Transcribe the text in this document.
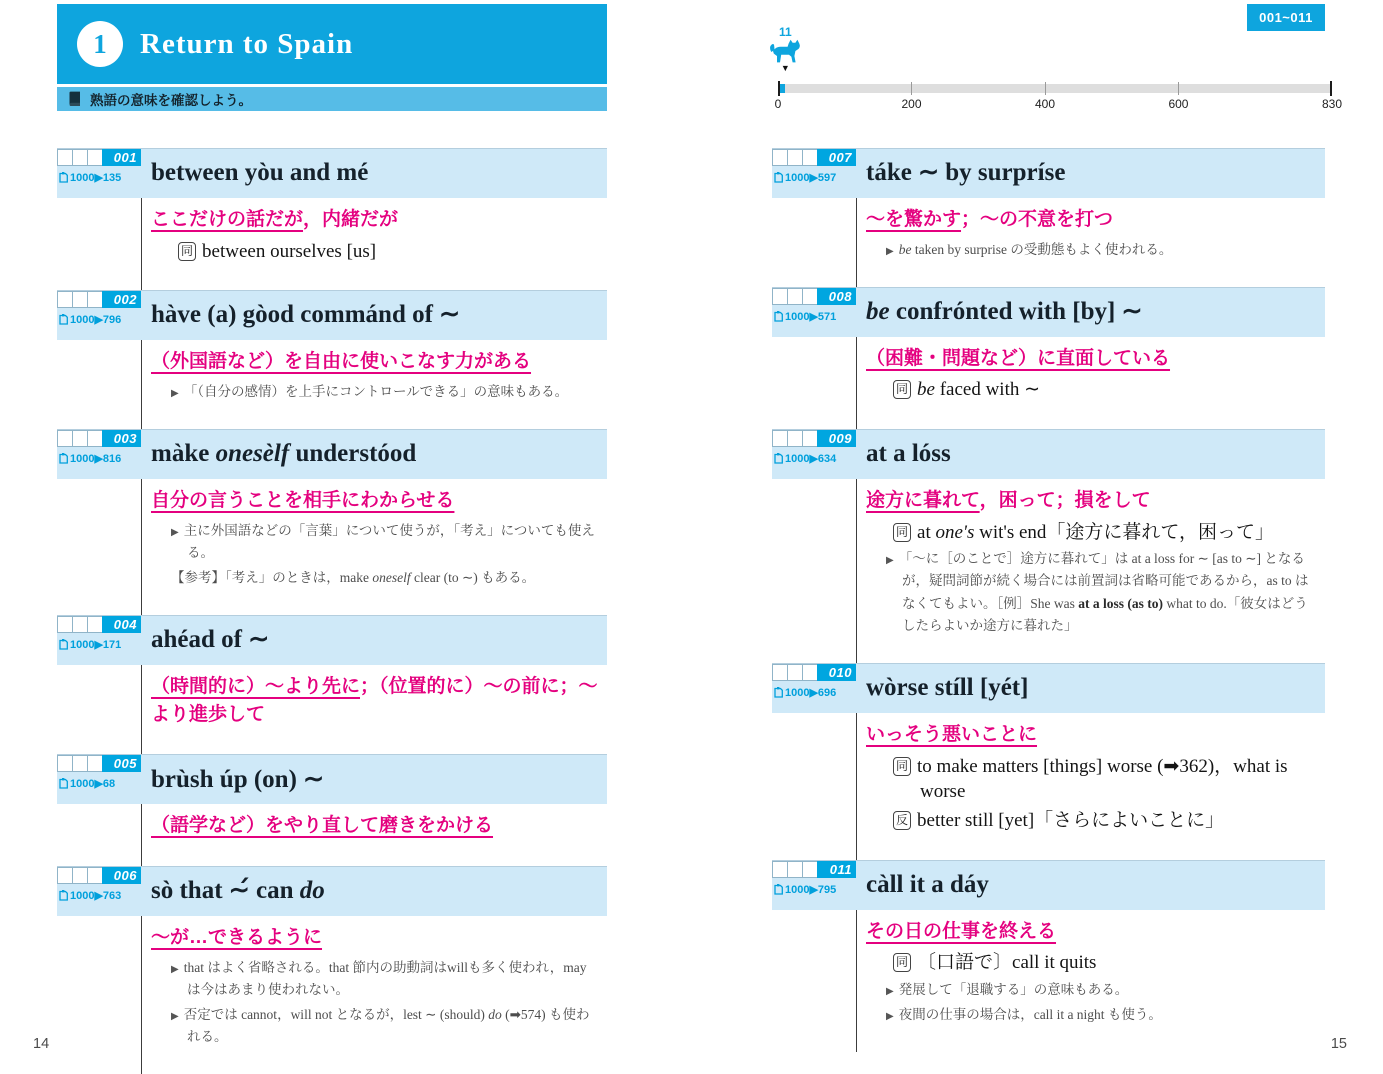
1	Return to Spain
熟語の意味を確認しよう。
001
1000▶135 between yòu and mé
ここだけの話だが，内緒だが
同 between ourselves [us]
002
1000▶796 hàve (a) gòod commánd of ∼
（外国語など）を自由に使いこなす力がある
▶ 「（自分の感情）を上手にコントロールできる」の意味もある。
003
1000▶816 màke onesèlf understóod
自分の言うことを相手にわからせる
▶ 主に外国語などの「言葉」について使うが，「考え」についても使える。
【参考】「考え」のときは，make oneself clear (to ∼) もある。
004
1000▶171 ahéad of ∼
（時間的に）～より先に；（位置的に）～の前に；～より進歩して
005
1000▶68 brùsh úp (on) ∼
（語学など）をやり直して磨きをかける
006
1000▶763 sò that ∼́ can do
～が…できるように
▶ that はよく省略される。that 節内の助動詞はwillも多く使われ，may は今はあまり使われない。
▶ 否定では cannot，will not となるが，lest ∼ (should) do (➡574) も使われる。
001~011
11
▼
0	200	400	600	830
007
1000▶597 táke ∼ by surpríse
～を驚かす；～の不意を打つ
▶ be taken by surprise の受動態もよく使われる。
008
1000▶571 be confrónted with [by] ∼
（困難・問題など）に直面している
同 be faced with ∼
009
1000▶634 at a lóss
途方に暮れて，困って；損をして
同 at one's wit's end「途方に暮れて，困って」
▶ 「～に［のことで］途方に暮れて」は at a loss for ∼ [as to ∼] となるが，疑問詞節が続く場合には前置詞は省略可能であるから，as to はなくてもよい。［例］She was at a loss (as to) what to do.「彼女はどうしたらよいか途方に暮れた」
010
1000▶696 wòrse stíll [yét]
いっそう悪いことに
同 to make matters [things] worse (➡362)，what is worse
反 better still [yet]「さらによいことに」
011
1000▶795 càll it a dáy
その日の仕事を終える
同 〔口語で〕call it quits
▶ 発展して「退職する」の意味もある。
▶ 夜間の仕事の場合は，call it a night も使う。
14	15
